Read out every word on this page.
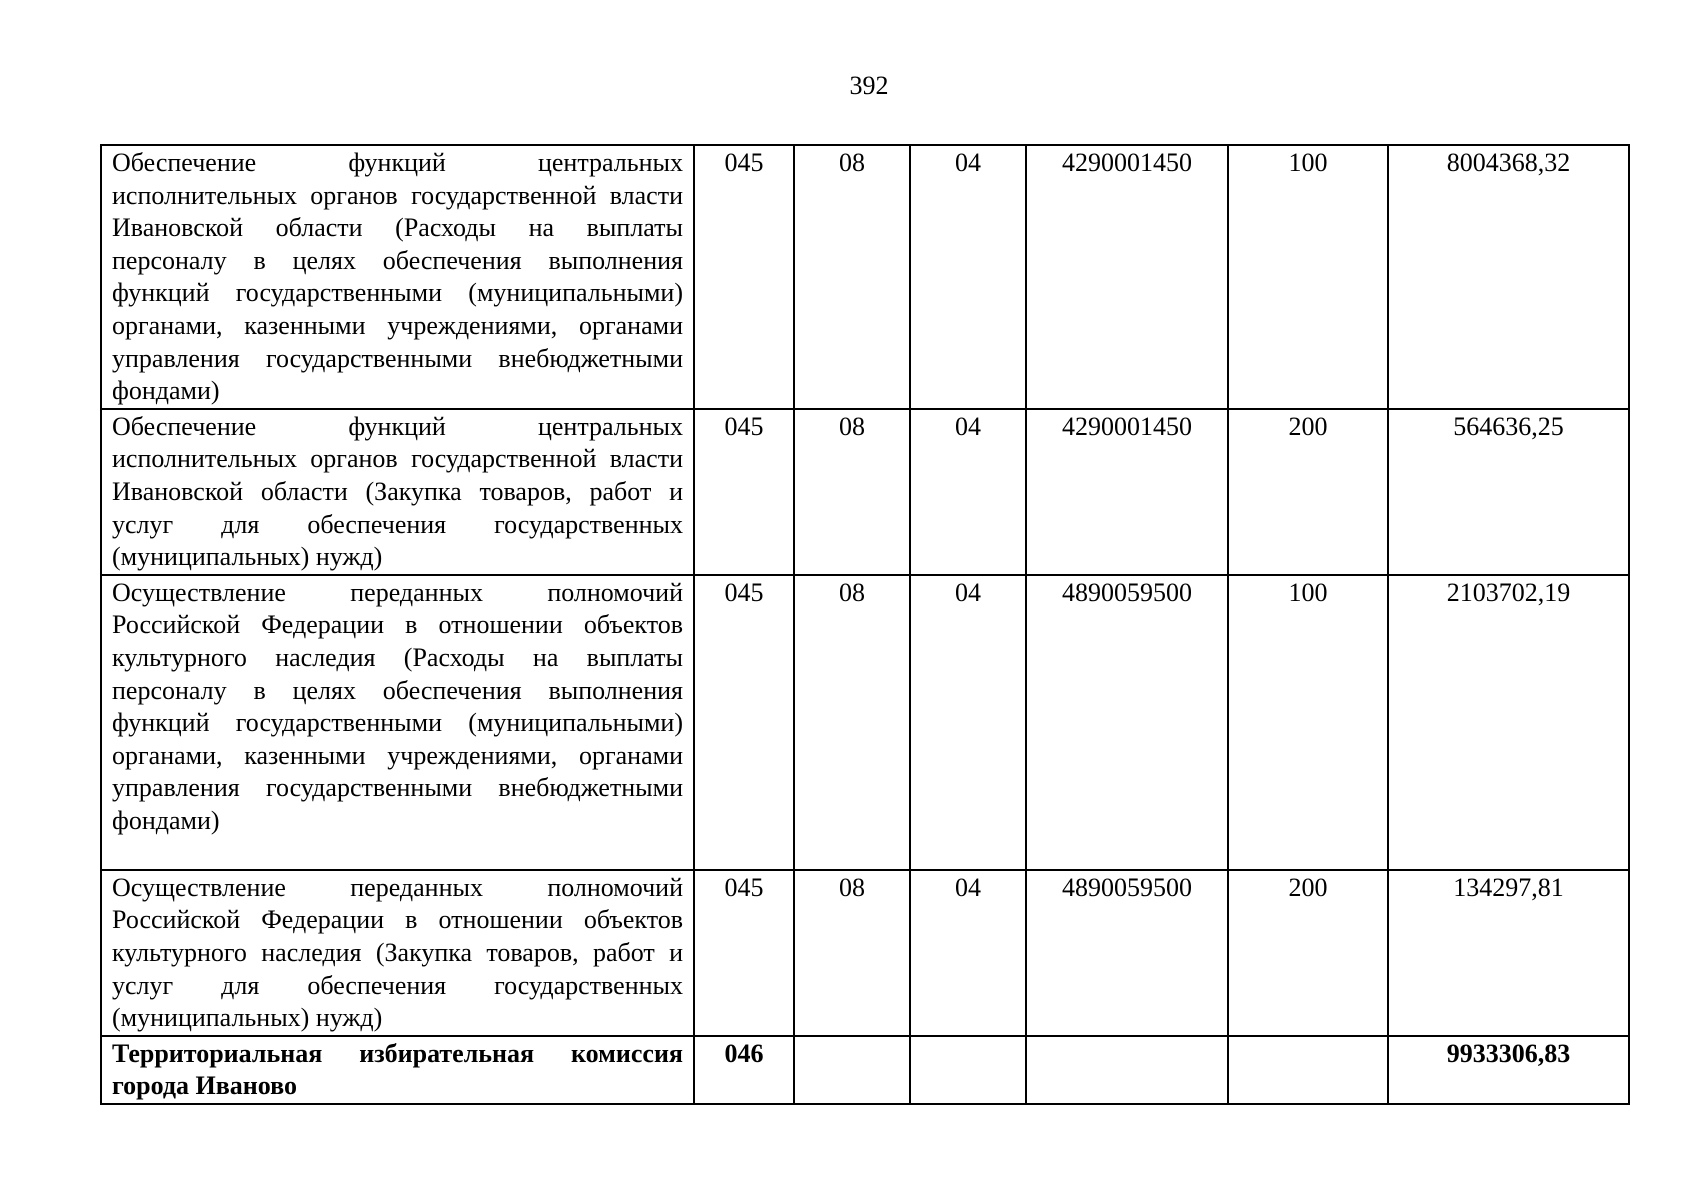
392
Обеспечение функций центральных исполнительных органов государственной власти Ивановской области (Расходы на выплаты персоналу в целях обеспечения выполнения функций государственными (муниципальными) органами, казенными учреждениями, органами управления государственными внебюджетными фондами)	045	08	04	4290001450	100	8004368,32
Обеспечение функций центральных исполнительных органов государственной власти Ивановской области (Закупка товаров, работ и услуг для обеспечения государственных (муниципальных) нужд)	045	08	04	4290001450	200	564636,25
Осуществление переданных полномочий Российской Федерации в отношении объектов культурного наследия (Расходы на выплаты персоналу в целях обеспечения выполнения функций государственными (муниципальными) органами, казенными учреждениями, органами управления государственными внебюджетными фондами)	045	08	04	4890059500	100	2103702,19
Осуществление переданных полномочий Российской Федерации в отношении объектов культурного наследия (Закупка товаров, работ и услуг для обеспечения государственных (муниципальных) нужд)	045	08	04	4890059500	200	134297,81
Территориальная избирательная комиссия города Иваново	046					9933306,83
